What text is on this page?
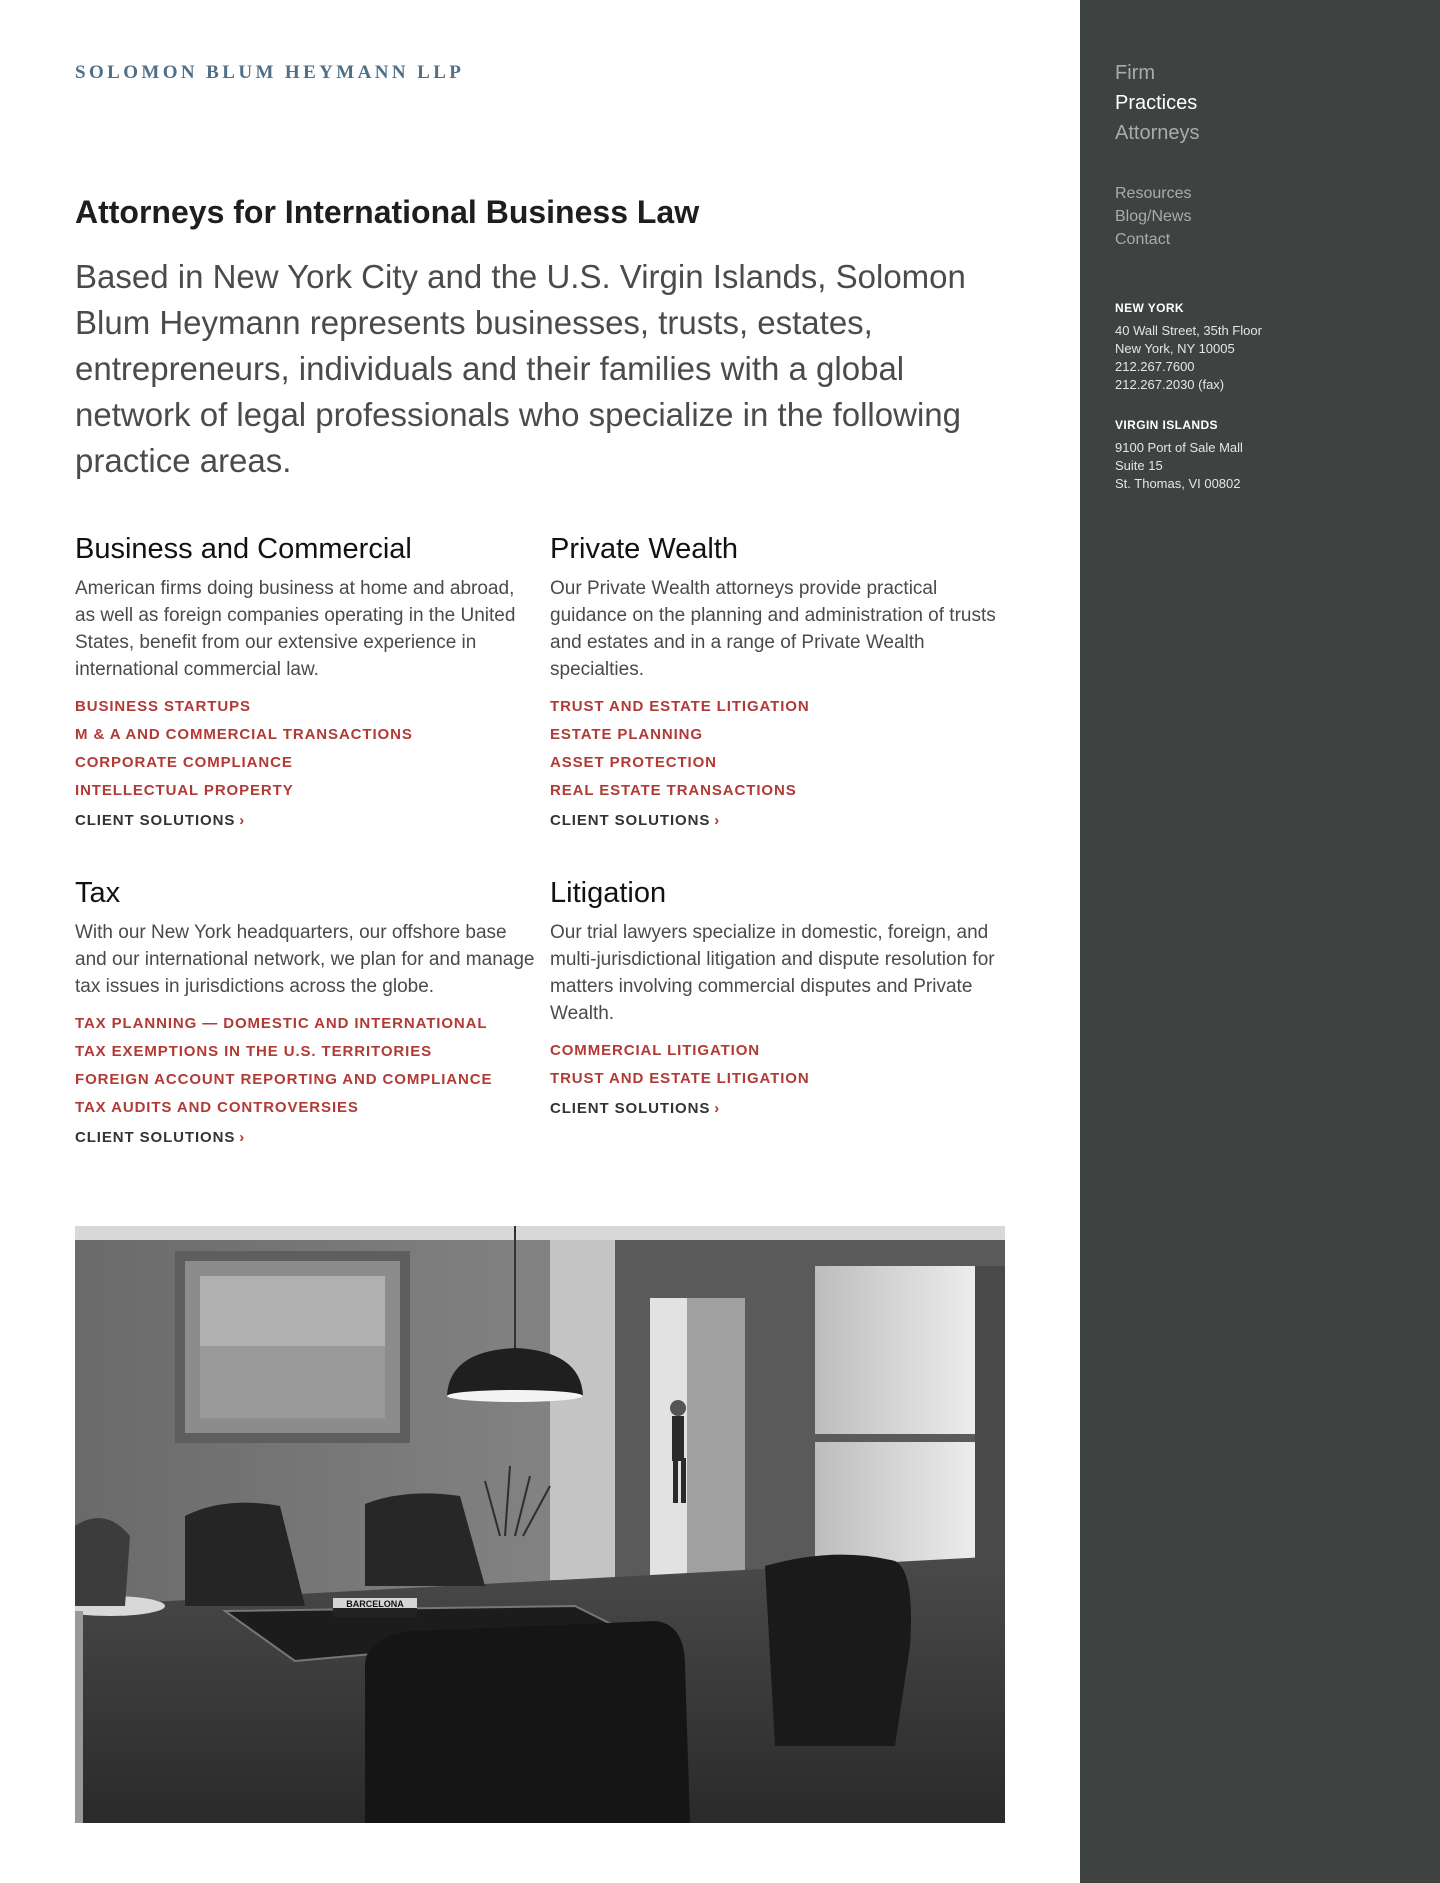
SOLOMON BLUM HEYMANN LLP
Attorneys for International Business Law

Based in New York City and the U.S. Virgin Islands, Solomon Blum Heymann represents businesses, trusts, estates, entrepreneurs, individuals and their families with a global network of legal professionals who specialize in the following practice areas.

Business and Commercial

American firms doing business at home and abroad, as well as foreign companies operating in the United States, benefit from our extensive experience in international commercial law.

BUSINESS STARTUPS
M & A AND COMMERCIAL TRANSACTIONS
CORPORATE COMPLIANCE
INTELLECTUAL PROPERTY
CLIENT SOLUTIONS ›
Private Wealth

Our Private Wealth attorneys provide practical guidance on the planning and administration of trusts and estates and in a range of Private Wealth specialties.

TRUST AND ESTATE LITIGATION
ESTATE PLANNING
ASSET PROTECTION
REAL ESTATE TRANSACTIONS
CLIENT SOLUTIONS ›
Tax

With our New York headquarters, our offshore base and our international network, we plan for and manage tax issues in jurisdictions across the globe.

TAX PLANNING — DOMESTIC AND INTERNATIONAL
TAX EXEMPTIONS IN THE U.S. TERRITORIES
FOREIGN ACCOUNT REPORTING AND COMPLIANCE
TAX AUDITS AND CONTROVERSIES
CLIENT SOLUTIONS ›
Litigation

Our trial lawyers specialize in domestic, foreign, and multi-jurisdictional litigation and dispute resolution for matters involving commercial disputes and Private Wealth.

COMMERCIAL LITIGATION
TRUST AND ESTATE LITIGATION
CLIENT SOLUTIONS ›
BARCELONA
Firm
Practices
Attorneys
Resources
Blog/News
Contact
NEW YORK
40 Wall Street, 35th Floor
New York, NY 10005
212.267.7600
212.267.2030 (fax)
VIRGIN ISLANDS
9100 Port of Sale Mall
Suite 15
St. Thomas, VI 00802
